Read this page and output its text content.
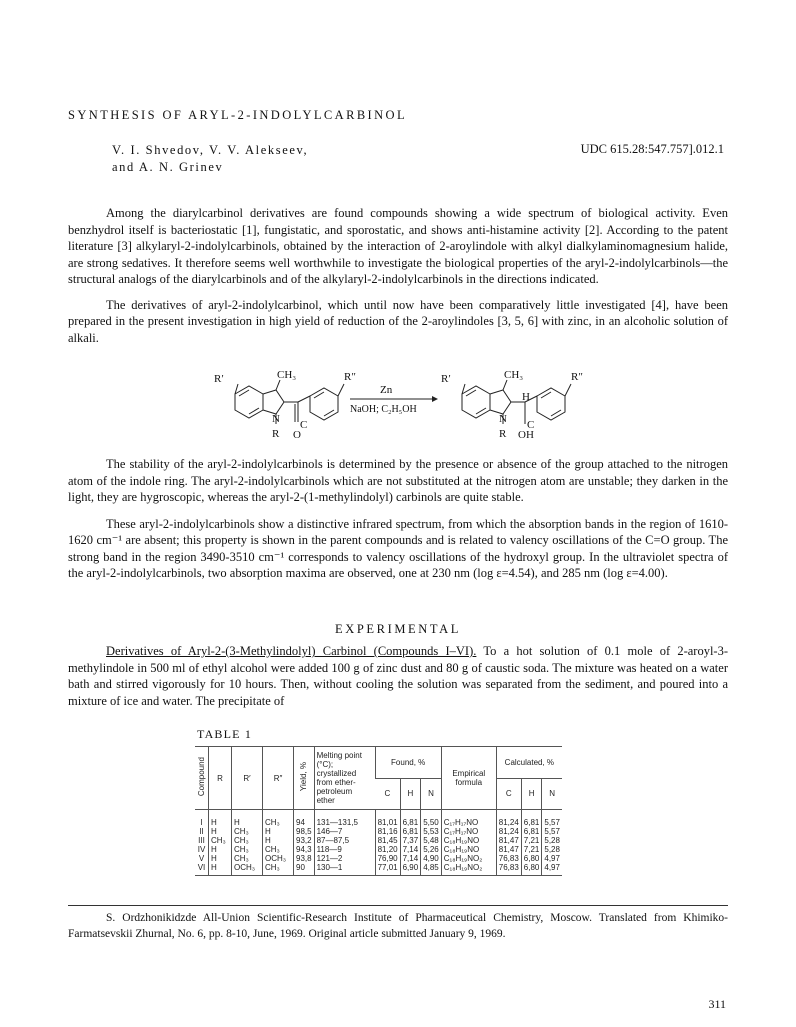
SYNTHESIS OF ARYL-2-INDOLYLCARBINOL
V. I. Shvedov, V. V. Alekseev,
and A. N. Grinev
UDC 615.28:547.757].012.1

Among the diarylcarbinol derivatives are found compounds showing a wide spectrum of biological activity. Even benzhydrol itself is bacteriostatic [1], fungistatic, and sporostatic, and shows anti-histamine activity [2]. According to the patent literature [3] alkylaryl-2-indolylcarbinols, obtained by the interaction of 2-aroylindole with alkyl dialkylaminomagnesium halide, are strong sedatives. It therefore seems well worthwhile to investigate the biological properties of the aryl-2-indolylcarbinols—the structural analogs of the diarylcarbinols and of the alkylaryl-2-indolylcarbinols in the directions indicated.

The derivatives of aryl-2-indolylcarbinol, which until now have been comparatively little investigated [4], have been prepared in the present investigation in high yield of reduction of the 2-aroylindoles [3, 5, 6] with zinc, in an alcoholic solution of alkali.

R′	CH₃	R″
N C
R O
Zn
NaOH; C₂H₅OH
R′	CH₃	R″
N
H
C
R OH

The stability of the aryl-2-indolylcarbinols is determined by the presence or absence of the group attached to the nitrogen atom of the indole ring. The aryl-2-indolylcarbinols which are not substituted at the nitrogen atom are unstable; they darken in the light, they are hygroscopic, whereas the aryl-2-(1-methylindolyl) carbinols are quite stable.

These aryl-2-indolylcarbinols show a distinctive infrared spectrum, from which the absorption bands in the region of 1610-1620 cm⁻¹ are absent; this property is shown in the parent compounds and is related to valency oscillations of the C=O group. The strong band in the region 3490-3510 cm⁻¹ corresponds to valency oscillations of the hydroxyl group. In the ultraviolet spectra of the aryl-2-indolylcarbinols, two absorption maxima are observed, one at 230 nm (log ε=4.54), and 285 nm (log ε=4.00).

EXPERIMENTAL

Derivatives of Aryl-2-(3-Methylindolyl) Carbinol (Compounds I–VI). To a hot solution of 0.1 mole of 2-aroyl-3-methylindole in 500 ml of ethyl alcohol were added 100 g of zinc dust and 80 g of caustic soda. The mixture was heated on a water bath and stirred vigorously for 10 hours. Then, without cooling the solution was separated from the sediment, and poured into a mixture of ice and water. The precipitate of

TABLE 1
Compound	R	R′	R″	Yield, %	Melting point (°C); crystallized from ether-petroleum ether	Found, %			Empirical formula	Calculated, %		
						C	H	N		C	H	N
I	H	H	CH₃	94	131—131,5	81,01	6,81	5,50	C₁₇H₁₇NO	81,24	6,81	5,57
II	H	CH₃	H	98,5	146—7	81,16	6,81	5,53	C₁₇H₁₇NO	81,24	6,81	5,57
III	CH₃	CH₃	H	93,2	87—87,5	81,45	7,37	5,48	C₁₈H₁₉NO	81,47	7,21	5,28
IV	H	CH₃	CH₃	94,3	118—9	81,20	7,14	5,26	C₁₈H₁₉NO	81,47	7,21	5,28
V	H	CH₃	OCH₃	93,8	121—2	76,90	7,14	4,90	C₁₈H₁₉NO₂	76,83	6,80	4,97
VI	H	OCH₃	CH₃	90	130—1	77,01	6,90	4,85	C₁₈H₁₉NO₂	76,83	6,80	4,97

S. Ordzhonikidzde All-Union Scientific-Research Institute of Pharmaceutical Chemistry, Moscow. Translated from Khimiko-Farmatsevskii Zhurnal, No. 6, pp. 8-10, June, 1969. Original article submitted January 9, 1969.

311
